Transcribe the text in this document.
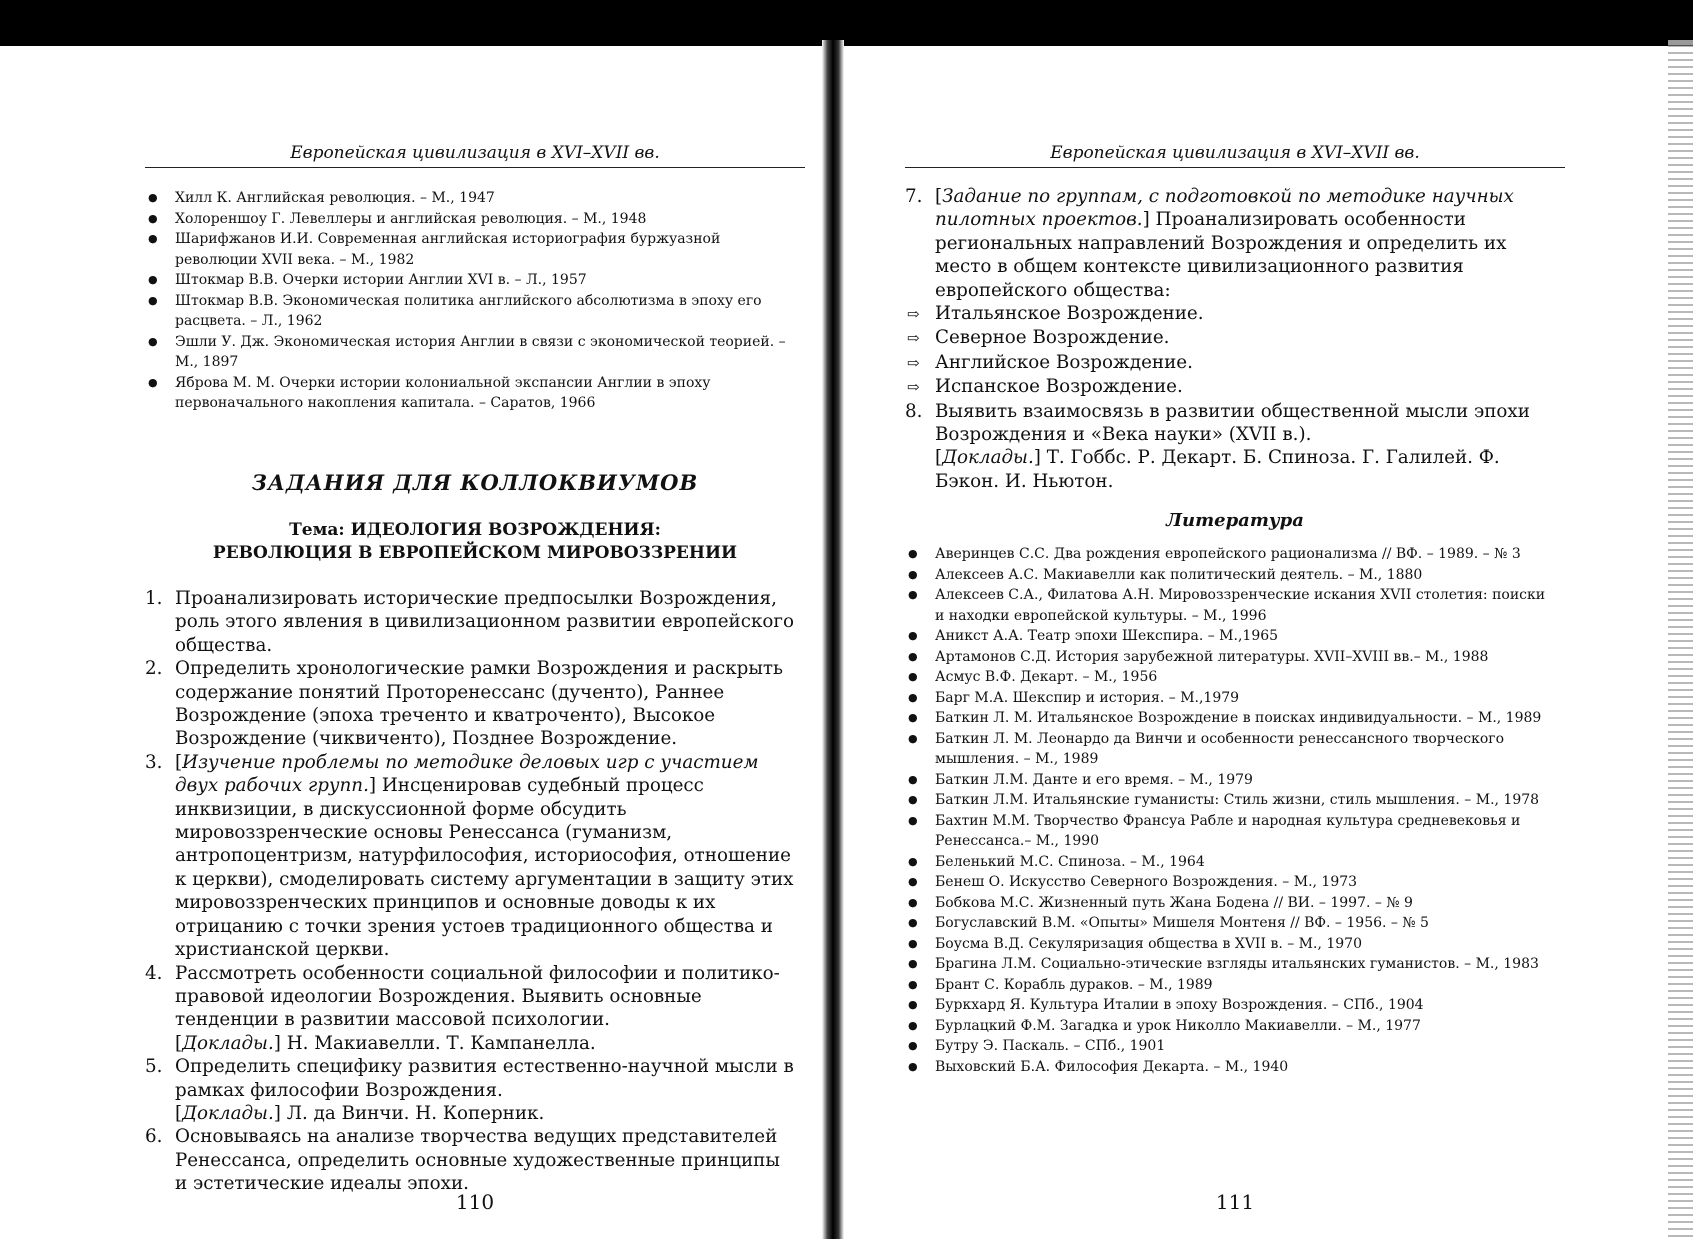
Европейская цивилизация в XVI–XVII вв.
● Хилл К. Английская революция. – М., 1947
● Холореншоу Г. Левеллеры и английская революция. – М., 1948
● Шарифжанов И.И. Современная английская историография буржуазной революции XVII века. – М., 1982
● Штокмар В.В. Очерки истории Англии XVI в. – Л., 1957
● Штокмар В.В. Экономическая политика английского абсолютизма в эпоху его расцвета. – Л., 1962
● Эшли У. Дж. Экономическая история Англии в связи с экономической теорией. – М., 1897
● Яброва М. М. Очерки истории колониальной экспансии Англии в эпоху первоначального накопления капитала. – Саратов, 1966
ЗАДАНИЯ ДЛЯ КОЛЛОКВИУМОВ
Тема: ИДЕОЛОГИЯ ВОЗРОЖДЕНИЯ:
РЕВОЛЮЦИЯ В ЕВРОПЕЙСКОМ МИРОВОЗЗРЕНИИ
1. Проанализировать исторические предпосылки Возрождения, роль этого явления в цивилизационном развитии европейского общества.
2. Определить хронологические рамки Возрождения и раскрыть содержание понятий Проторенессанс (дученто), Раннее Возрождение (эпоха треченто и кватроченто), Высокое Возрождение (чиквиченто), Позднее Возрождение.
3. [Изучение проблемы по методике деловых игр с участием двух рабочих групп.] Инсценировав судебный процесс инквизиции, в дискуссионной форме обсудить мировоззренческие основы Ренессанса (гуманизм, антропоцентризм, натурфилософия, историософия, отношение к церкви), смоделировать систему аргументации в защиту этих мировоззренческих принципов и основные доводы к их отрицанию с точки зрения устоев традиционного общества и христианской церкви.
4. Рассмотреть особенности социальной философии и политико-правовой идеологии Возрождения. Выявить основные тенденции в развитии массовой психологии.
[Доклады.] Н. Макиавелли. Т. Кампанелла.
5. Определить специфику развития естественно-научной мысли в рамках философии Возрождения.
[Доклады.] Л. да Винчи. Н. Коперник.
6. Основываясь на анализе творчества ведущих представителей Ренессанса, определить основные художественные принципы и эстетические идеалы эпохи.
110
Европейская цивилизация в XVI–XVII вв.
7. [Задание по группам, с подготовкой по методике научных пилотных проектов.] Проанализировать особенности региональных направлений Возрождения и определить их место в общем контексте цивилизационного развития европейского общества:
⇨ Итальянское Возрождение.
⇨ Северное Возрождение.
⇨ Английское Возрождение.
⇨ Испанское Возрождение.
8. Выявить взаимосвязь в развитии общественной мысли эпохи Возрождения и «Века науки» (XVII в.).
[Доклады.] Т. Гоббс. Р. Декарт. Б. Спиноза. Г. Галилей. Ф. Бэкон. И. Ньютон.
Литература
● Аверинцев С.С. Два рождения европейского рационализма // ВФ. – 1989. – № 3
● Алексеев А.С. Макиавелли как политический деятель. – М., 1880
● Алексеев С.А., Филатова А.Н. Мировоззренческие искания XVII столетия: поиски и находки европейской культуры. – М., 1996
● Аникст А.А. Театр эпохи Шекспира. – М.,1965
● Артамонов С.Д. История зарубежной литературы. XVII–XVIII вв.– М., 1988
● Асмус В.Ф. Декарт. – М., 1956
● Барг М.А. Шекспир и история. – М.,1979
● Баткин Л. М. Итальянское Возрождение в поисках индивидуальности. – М., 1989
● Баткин Л. М. Леонардо да Винчи и особенности ренессансного творческого мышления. – М., 1989
● Баткин Л.М. Данте и его время. – М., 1979
● Баткин Л.М. Итальянские гуманисты: Стиль жизни, стиль мышления. – М., 1978
● Бахтин М.М. Творчество Франсуа Рабле и народная культура средневековья и Ренессанса.– М., 1990
● Беленький М.С. Спиноза. – М., 1964
● Бенеш О. Искусство Северного Возрождения. – М., 1973
● Бобкова М.С. Жизненный путь Жана Бодена // ВИ. – 1997. – № 9
● Богуславский В.М. «Опыты» Мишеля Монтеня // ВФ. – 1956. – № 5
● Боусма В.Д. Секуляризация общества в XVII в. – М., 1970
● Брагина Л.М. Социально-этические взгляды итальянских гуманистов. – М., 1983
● Брант С. Корабль дураков. – М., 1989
● Буркхард Я. Культура Италии в эпоху Возрождения. – СПб., 1904
● Бурлацкий Ф.М. Загадка и урок Николло Макиавелли. – М., 1977
● Бутру Э. Паскаль. – СПб., 1901
● Выховский Б.А. Философия Декарта. – М., 1940
111
